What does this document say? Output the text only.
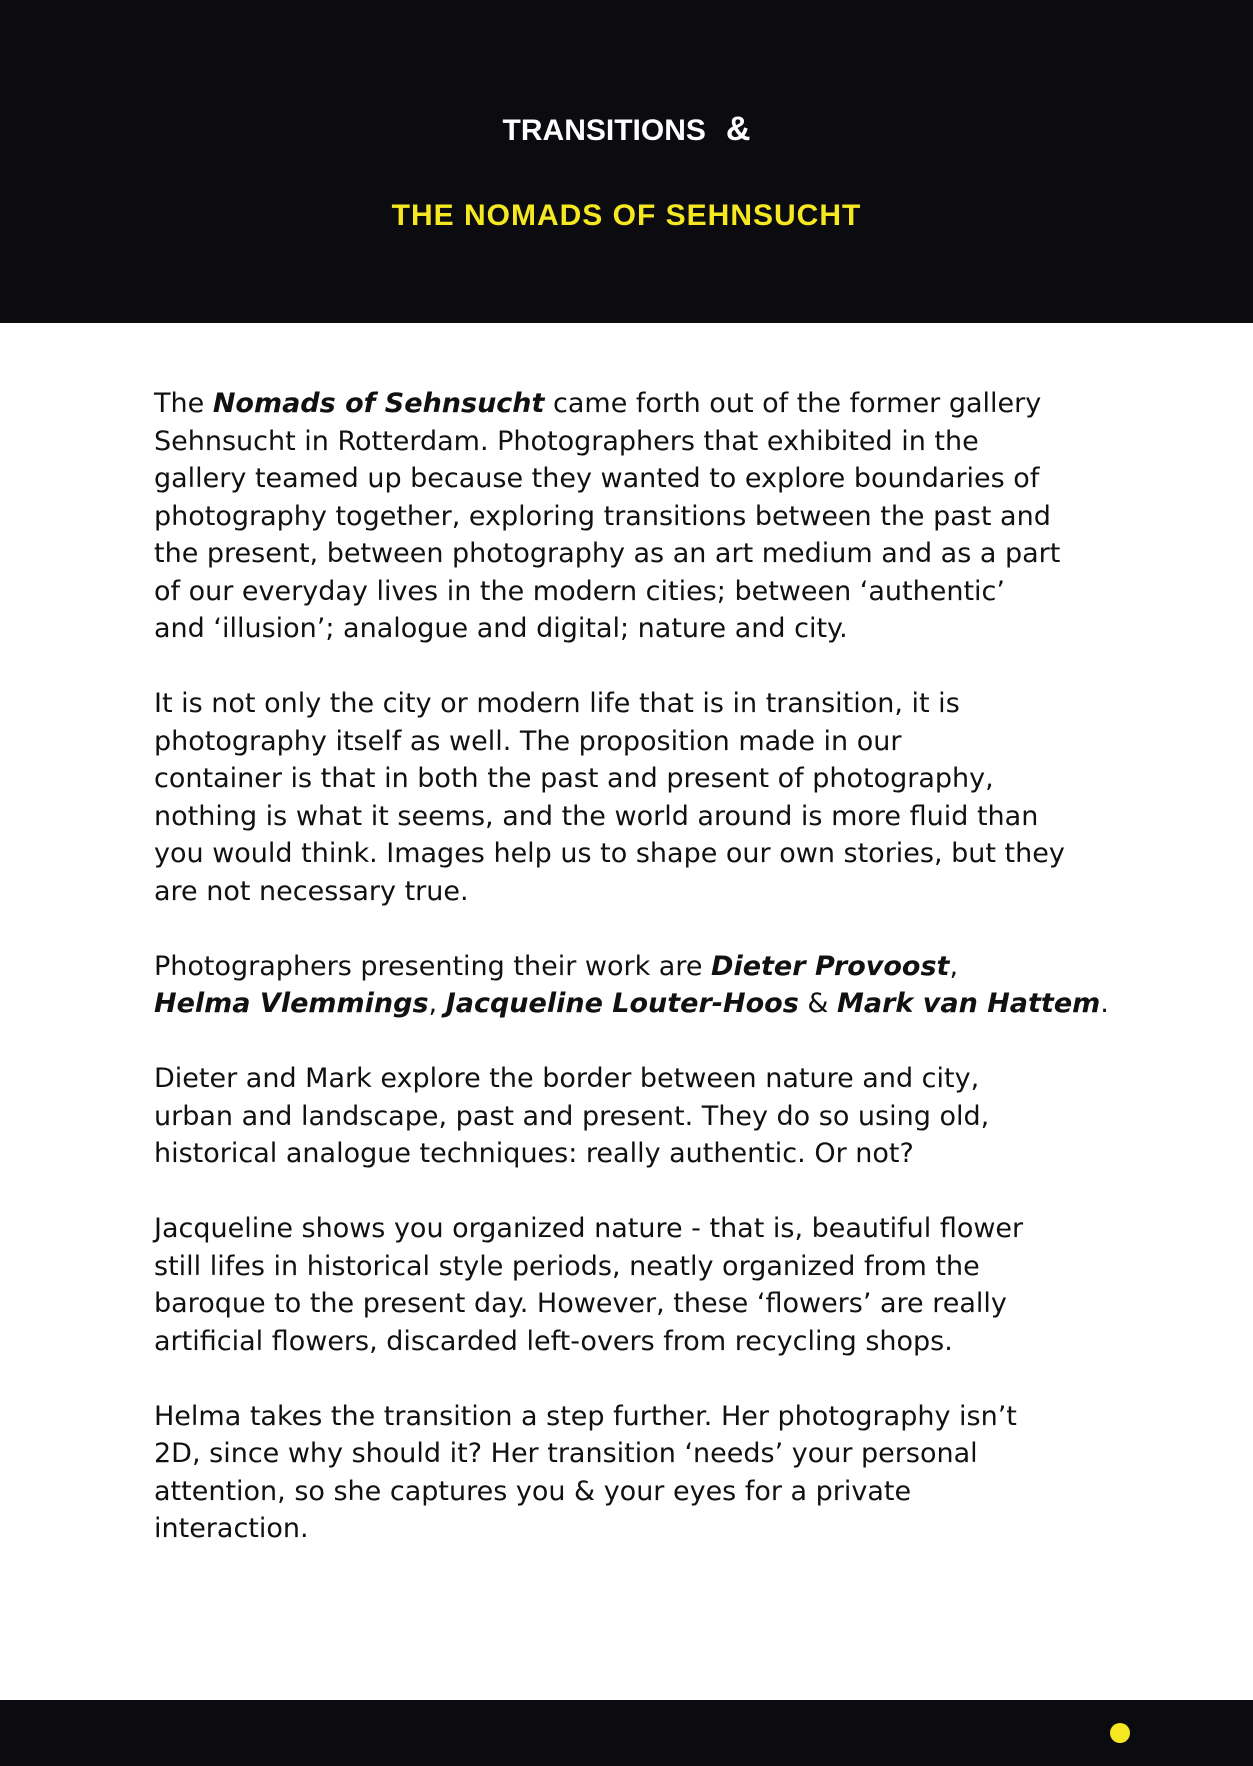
TRANSITIONS &
THE NOMADS OF SEHNSUCHT
The Nomads of Sehnsucht came forth out of the former gallery
Sehnsucht in Rotterdam. Photographers that exhibited in the
gallery teamed up because they wanted to explore boundaries of
photography together, exploring transitions between the past and
the present, between photography as an art medium and as a part
of our everyday lives in the modern cities; between ‘authentic’
and ‘illusion’; analogue and digital; nature and city.
It is not only the city or modern life that is in transition, it is
photography itself as well. The proposition made in our
container is that in both the past and present of photography,
nothing is what it seems, and the world around is more fluid than
you would think. Images help us to shape our own stories, but they
are not necessary true.
Photographers presenting their work are Dieter Provoost,
Helma Vlemmings, Jacqueline Louter-Hoos & Mark van Hattem.
Dieter and Mark explore the border between nature and city,
urban and landscape, past and present. They do so using old,
historical analogue techniques: really authentic. Or not?
Jacqueline shows you organized nature - that is, beautiful flower
still lifes in historical style periods, neatly organized from the
baroque to the present day. However, these ‘flowers’ are really
artificial flowers, discarded left-overs from recycling shops.
Helma takes the transition a step further. Her photography isn’t
2D, since why should it? Her transition ‘needs’ your personal
attention, so she captures you & your eyes for a private
interaction.
